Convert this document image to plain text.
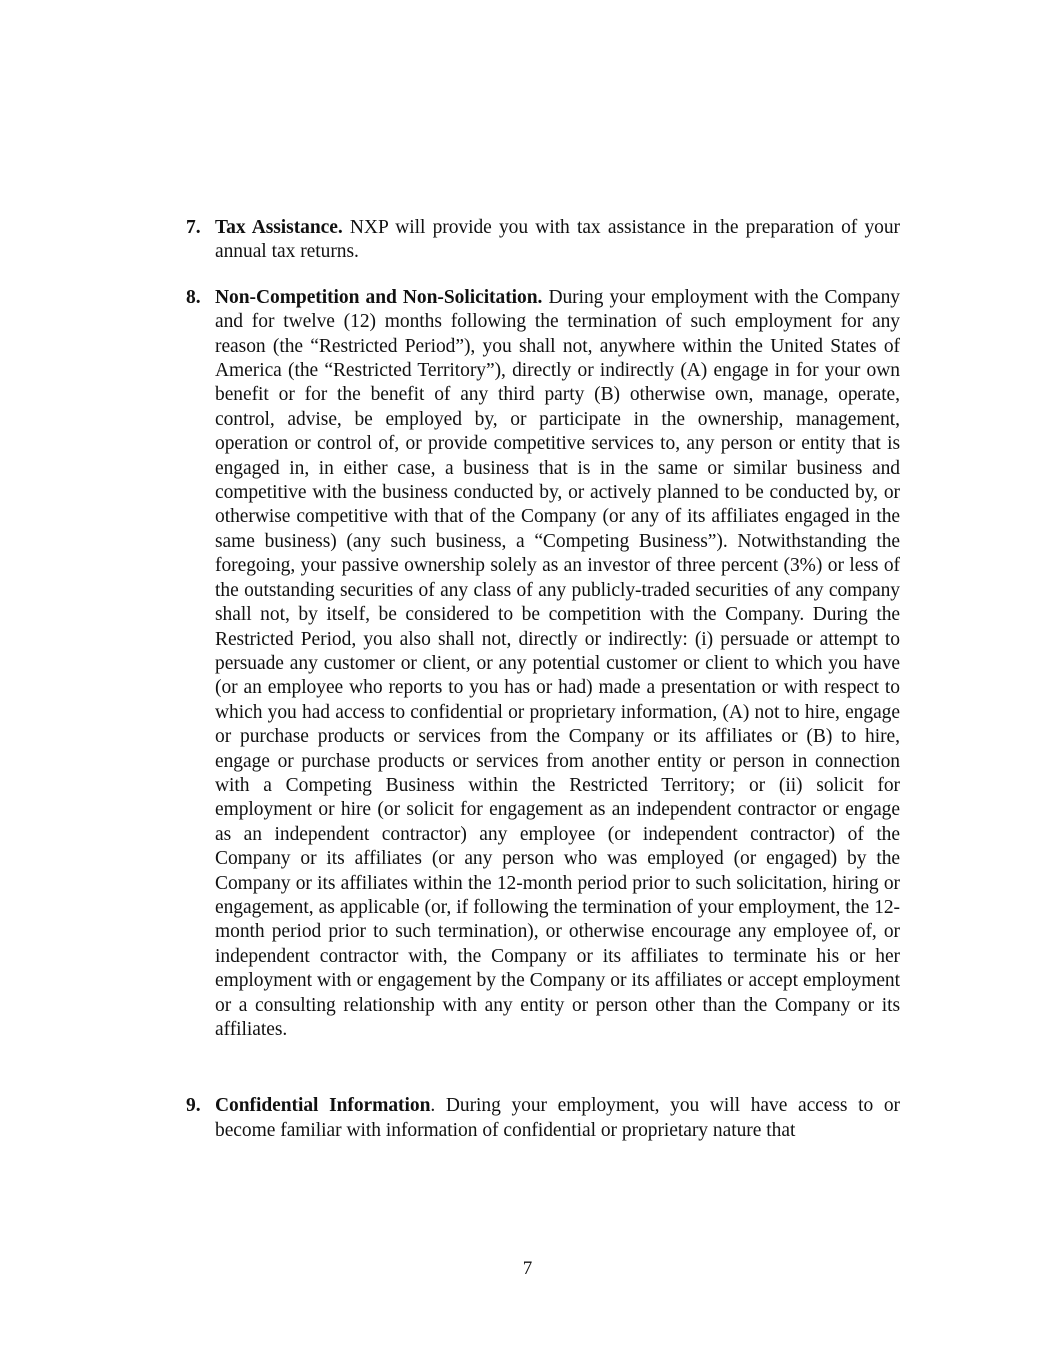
7. Tax Assistance. NXP will provide you with tax assistance in the preparation of your annual tax returns.
8. Non-Competition and Non-Solicitation. During your employment with the Company and for twelve (12) months following the termination of such employment for any reason (the “Restricted Period”), you shall not, anywhere within the United States of America (the “Restricted Territory”), directly or indirectly (A) engage in for your own benefit or for the benefit of any third party (B) otherwise own, manage, operate, control, advise, be employed by, or participate in the ownership, management, operation or control of, or provide competitive services to, any person or entity that is engaged in, in either case, a business that is in the same or similar business and competitive with the business conducted by, or actively planned to be conducted by, or otherwise competitive with that of the Company (or any of its affiliates engaged in the same business) (any such business, a “Competing Business”). Notwithstanding the foregoing, your passive ownership solely as an investor of three percent (3%) or less of the outstanding securities of any class of any publicly-traded securities of any company shall not, by itself, be considered to be competition with the Company. During the Restricted Period, you also shall not, directly or indirectly: (i) persuade or attempt to persuade any customer or client, or any potential customer or client to which you have (or an employee who reports to you has or had) made a presentation or with respect to which you had access to confidential or proprietary information, (A) not to hire, engage or purchase products or services from the Company or its affiliates or (B) to hire, engage or purchase products or services from another entity or person in connection with a Competing Business within the Restricted Territory; or (ii) solicit for employment or hire (or solicit for engagement as an independent contractor or engage as an independent contractor) any employee (or independent contractor) of the Company or its affiliates (or any person who was employed (or engaged) by the Company or its affiliates within the 12-month period prior to such solicitation, hiring or engagement, as applicable (or, if following the termination of your employment, the 12-month period prior to such termination), or otherwise encourage any employee of, or independent contractor with, the Company or its affiliates to terminate his or her employment with or engagement by the Company or its affiliates or accept employment or a consulting relationship with any entity or person other than the Company or its affiliates.
9. Confidential Information. During your employment, you will have access to or become familiar with information of confidential or proprietary nature that
7
